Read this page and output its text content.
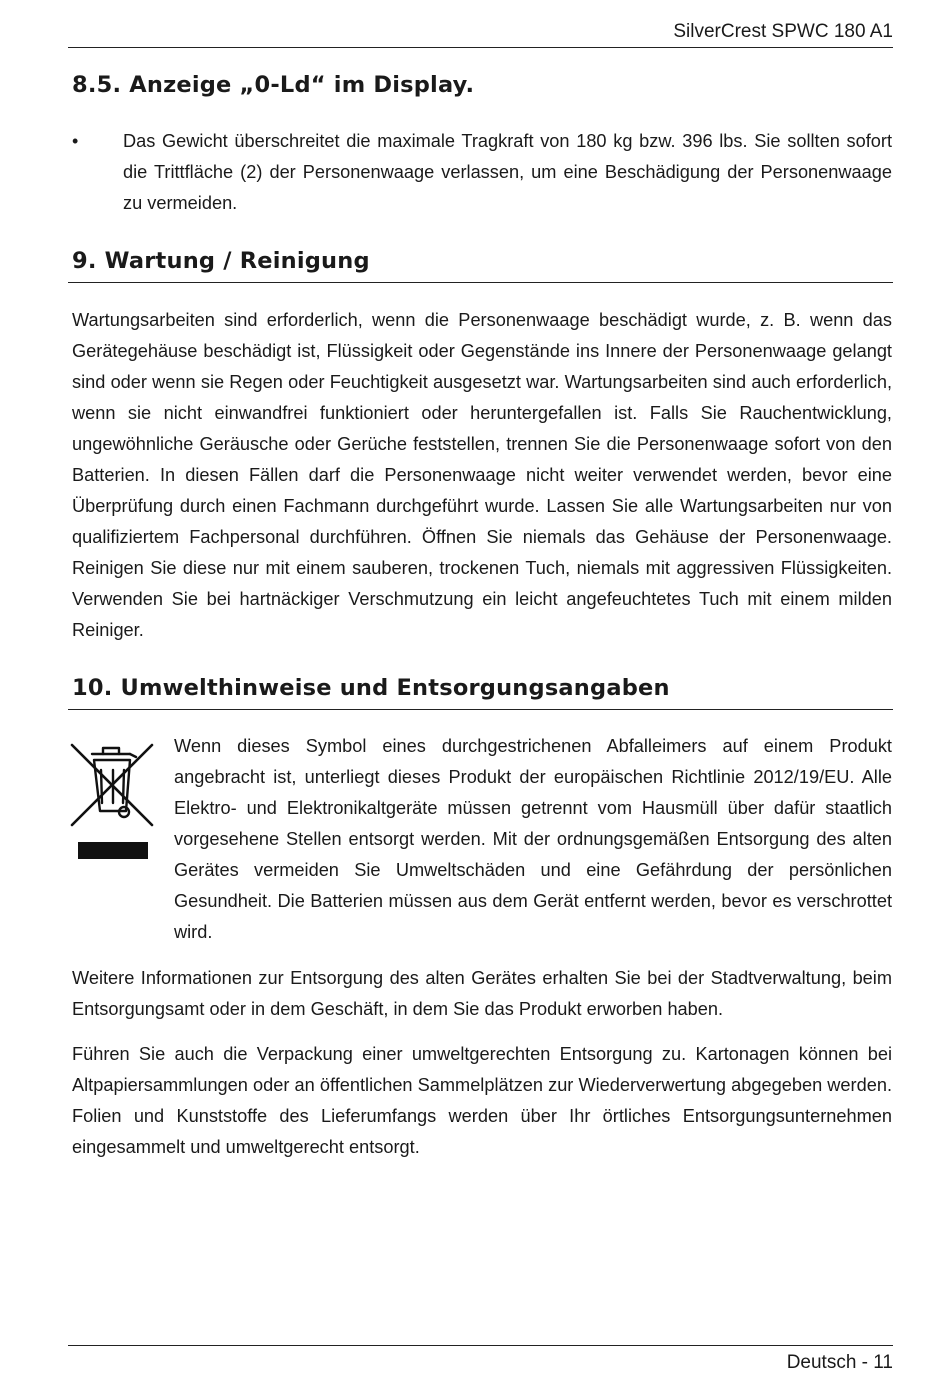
SilverCrest SPWC 180 A1
8.5. Anzeige „0-Ld“ im Display.
• Das Gewicht überschreitet die maximale Tragkraft von 180 kg bzw. 396 lbs. Sie sollten sofort die Trittfläche (2) der Personenwaage verlassen, um eine Beschädigung der Personenwaage zu vermeiden.

9. Wartung / Reinigung

Wartungsarbeiten sind erforderlich, wenn die Personenwaage beschädigt wurde, z. B. wenn das Gerätegehäuse beschädigt ist, Flüssigkeit oder Gegenstände ins Innere der Personenwaage gelangt sind oder wenn sie Regen oder Feuchtigkeit ausgesetzt war. Wartungsarbeiten sind auch erforderlich, wenn sie nicht einwandfrei funktioniert oder heruntergefallen ist. Falls Sie Rauchentwicklung, ungewöhnliche Geräusche oder Gerüche feststellen, trennen Sie die Personenwaage sofort von den Batterien. In diesen Fällen darf die Personenwaage nicht weiter verwendet werden, bevor eine Überprüfung durch einen Fachmann durchgeführt wurde. Lassen Sie alle Wartungsarbeiten nur von qualifiziertem Fachpersonal durchführen. Öffnen Sie niemals das Gehäuse der Personenwaage. Reinigen Sie diese nur mit einem sauberen, trockenen Tuch, niemals mit aggressiven Flüssigkeiten. Verwenden Sie bei hartnäckiger Verschmutzung ein leicht angefeuchtetes Tuch mit einem milden Reiniger.

10. Umwelthinweise und Entsorgungsangaben

Wenn dieses Symbol eines durchgestrichenen Abfalleimers auf einem Produkt angebracht ist, unterliegt dieses Produkt der europäischen Richtlinie 2012/19/EU. Alle Elektro- und Elektronikaltgeräte müssen getrennt vom Hausmüll über dafür staatlich vorgesehene Stellen entsorgt werden. Mit der ordnungsgemäßen Entsorgung des alten Gerätes vermeiden Sie Umweltschäden und eine Gefährdung der persönlichen Gesundheit. Die Batterien müssen aus dem Gerät entfernt werden, bevor es verschrottet wird.

Weitere Informationen zur Entsorgung des alten Gerätes erhalten Sie bei der Stadtverwaltung, beim Entsorgungsamt oder in dem Geschäft, in dem Sie das Produkt erworben haben.

Führen Sie auch die Verpackung einer umweltgerechten Entsorgung zu. Kartonagen können bei Altpapiersammlungen oder an öffentlichen Sammelplätzen zur Wiederverwertung abgegeben werden. Folien und Kunststoffe des Lieferumfangs werden über Ihr örtliches Entsorgungsunternehmen eingesammelt und umweltgerecht entsorgt.

Deutsch - 11
